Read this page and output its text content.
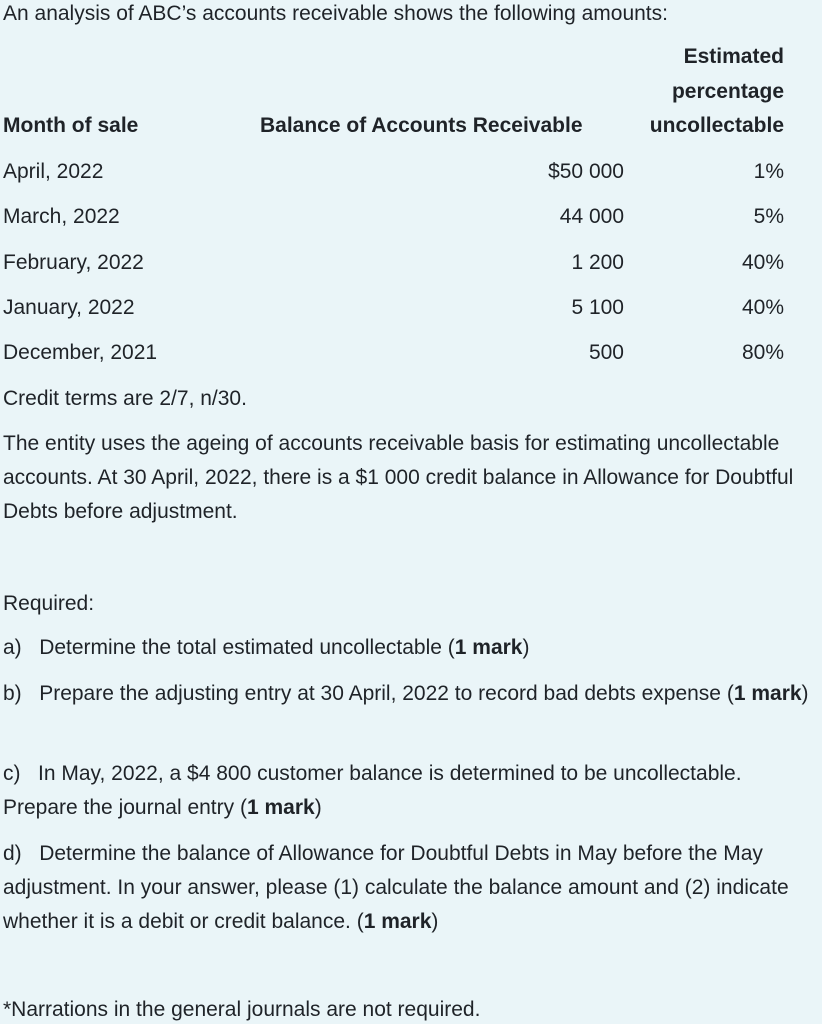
An analysis of ABC’s accounts receivable shows the following amounts:
Estimated
percentage
Month of sale	Balance of Accounts Receivable	uncollectable
April, 2022	$50 000	1%
March, 2022	44 000	5%
February, 2022	1 200	40%
January, 2022	5 100	40%
December, 2021	500	80%
Credit terms are 2/7, n/30.
The entity uses the ageing of accounts receivable basis for estimating uncollectable accounts. At 30 April, 2022, there is a $1 000 credit balance in Allowance for Doubtful Debts before adjustment.
Required:
a) Determine the total estimated uncollectable (1 mark)
b) Prepare the adjusting entry at 30 April, 2022 to record bad debts expense (1 mark)
c) In May, 2022, a $4 800 customer balance is determined to be uncollectable. Prepare the journal entry (1 mark)
d) Determine the balance of Allowance for Doubtful Debts in May before the May adjustment. In your answer, please (1) calculate the balance amount and (2) indicate whether it is a debit or credit balance. (1 mark)
*Narrations in the general journals are not required.
